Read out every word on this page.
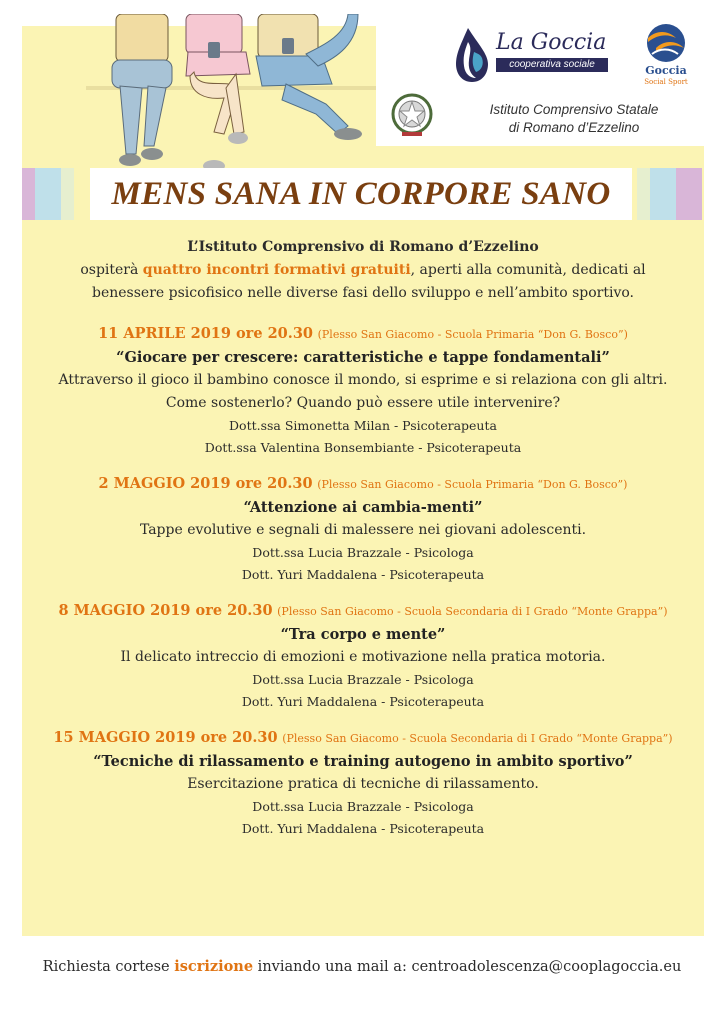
La Goccia
cooperativa sociale	Goccia
Social Sport
Istituto Comprensivo Statale
di Romano d’Ezzelino
MENS SANA IN CORPORE SANO
L’Istituto Comprensivo di Romano d’Ezzelino
ospiterà quattro incontri formativi gratuiti, aperti alla comunità, dedicati al
benessere psicofisico nelle diverse fasi dello sviluppo e nell’ambito sportivo.
11 APRILE 2019 ore 20.30 (Plesso San Giacomo - Scuola Primaria “Don G. Bosco”)
“Giocare per crescere: caratteristiche e tappe fondamentali”
Attraverso il gioco il bambino conosce il mondo, si esprime e si relaziona con gli altri.
Come sostenerlo? Quando può essere utile intervenire?
Dott.ssa Simonetta Milan - Psicoterapeuta
Dott.ssa Valentina Bonsembiante - Psicoterapeuta
2 MAGGIO 2019 ore 20.30 (Plesso San Giacomo - Scuola Primaria “Don G. Bosco”)
“Attenzione ai cambia-menti”
Tappe evolutive e segnali di malessere nei giovani adolescenti.
Dott.ssa Lucia Brazzale - Psicologa
Dott. Yuri Maddalena - Psicoterapeuta
8 MAGGIO 2019 ore 20.30 (Plesso San Giacomo - Scuola Secondaria di I Grado “Monte Grappa”)
“Tra corpo e mente”
Il delicato intreccio di emozioni e motivazione nella pratica motoria.
Dott.ssa Lucia Brazzale - Psicologa
Dott. Yuri Maddalena - Psicoterapeuta
15 MAGGIO 2019 ore 20.30 (Plesso San Giacomo - Scuola Secondaria di I Grado “Monte Grappa”)
“Tecniche di rilassamento e training autogeno in ambito sportivo”
Esercitazione pratica di tecniche di rilassamento.
Dott.ssa Lucia Brazzale - Psicologa
Dott. Yuri Maddalena - Psicoterapeuta
Richiesta cortese iscrizione inviando una mail a: centroadolescenza@cooplagoccia.eu
